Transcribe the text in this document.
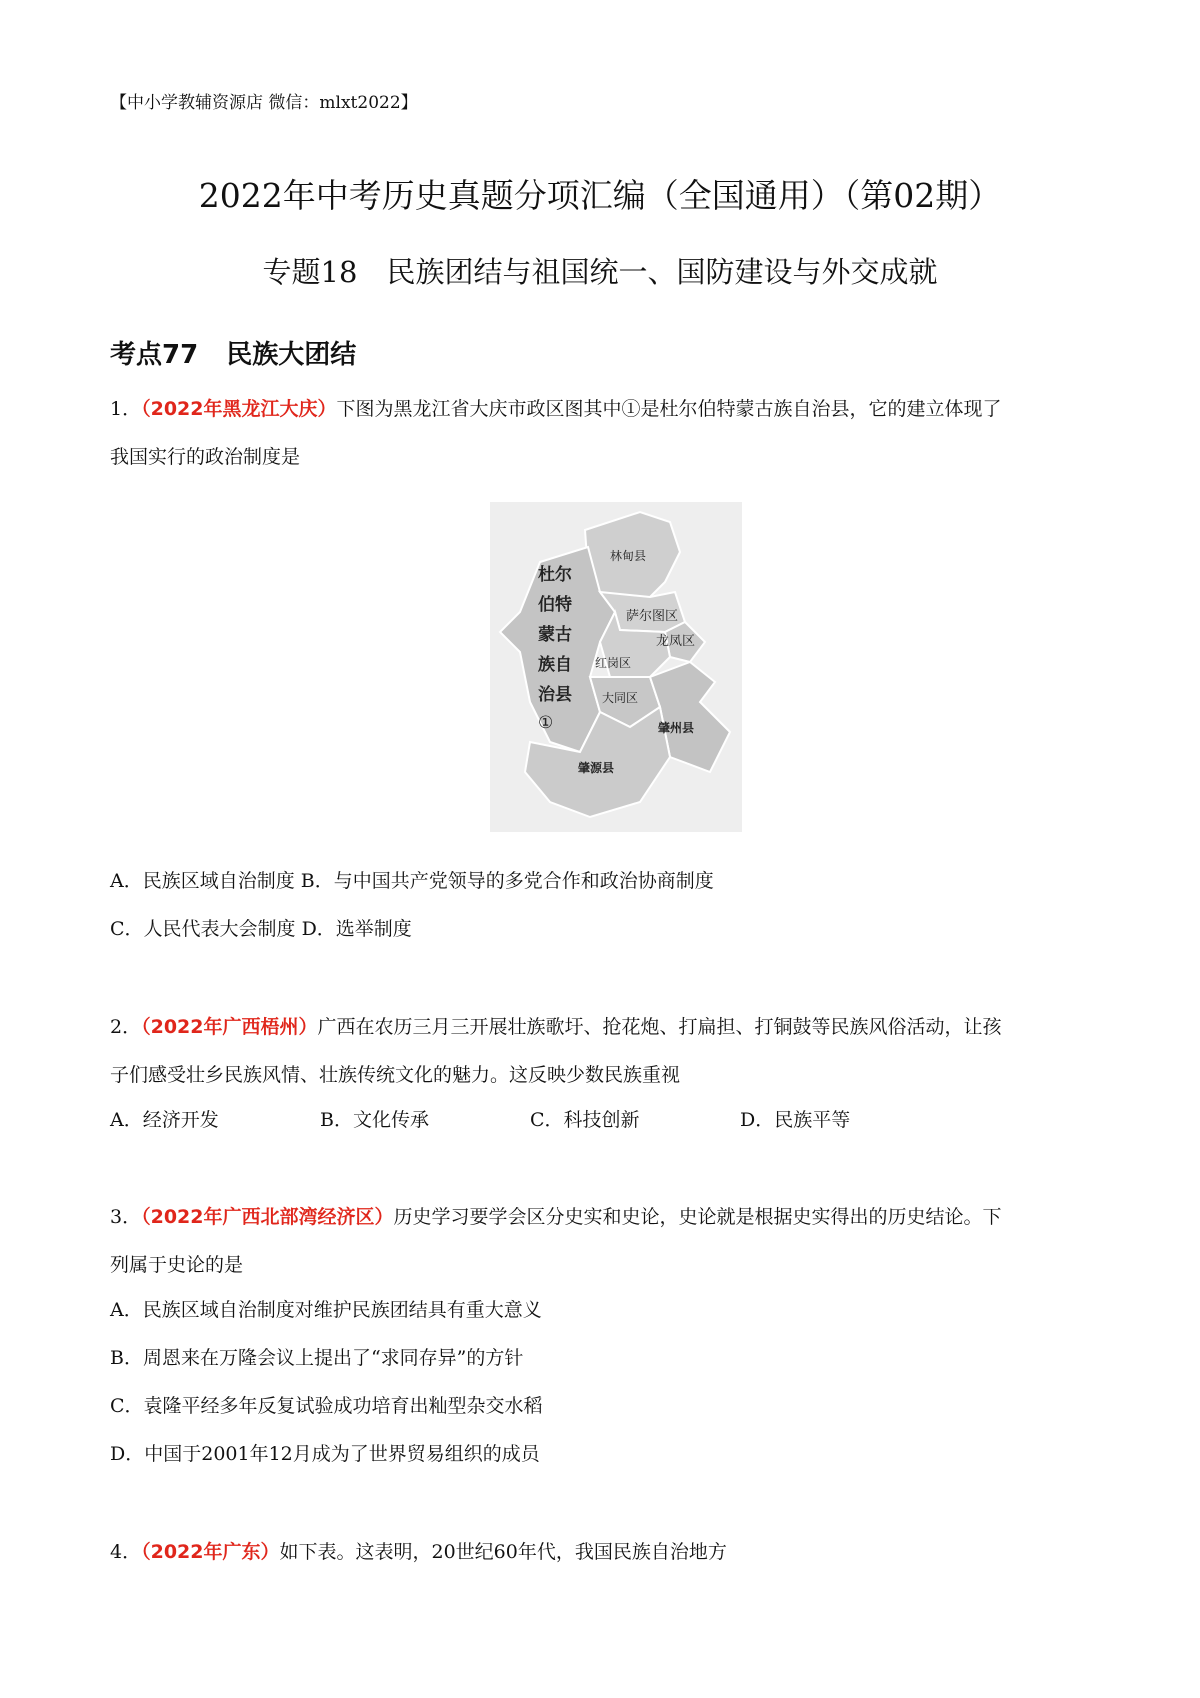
【中小学教辅资源店 微信：mlxt2022】
2022年中考历史真题分项汇编（全国通用）（第02期）
专题18　民族团结与祖国统一、国防建设与外交成就
考点77 民族大团结
1．（2022年黑龙江大庆）下图为黑龙江省大庆市政区图其中①是杜尔伯特蒙古族自治县，它的建立体现了
我国实行的政治制度是
林甸县
杜尔
伯特
蒙古
族自
治县
①
萨尔图区
龙凤区
红岗区
大同区
肇州县
肇源县
A．民族区域自治制度 B．与中国共产党领导的多党合作和政治协商制度
C．人民代表大会制度 D．选举制度
2．（2022年广西梧州）广西在农历三月三开展壮族歌圩、抢花炮、打扁担、打铜鼓等民族风俗活动，让孩
子们感受壮乡民族风情、壮族传统文化的魅力。这反映少数民族重视
A．经济开发	B．文化传承	C．科技创新	D．民族平等
3．（2022年广西北部湾经济区）历史学习要学会区分史实和史论，史论就是根据史实得出的历史结论。下
列属于史论的是
A．民族区域自治制度对维护民族团结具有重大意义
B．周恩来在万隆会议上提出了“求同存异”的方针
C．袁隆平经多年反复试验成功培育出籼型杂交水稻
D．中国于2001年12月成为了世界贸易组织的成员
4．（2022年广东）如下表。这表明，20世纪60年代，我国民族自治地方
